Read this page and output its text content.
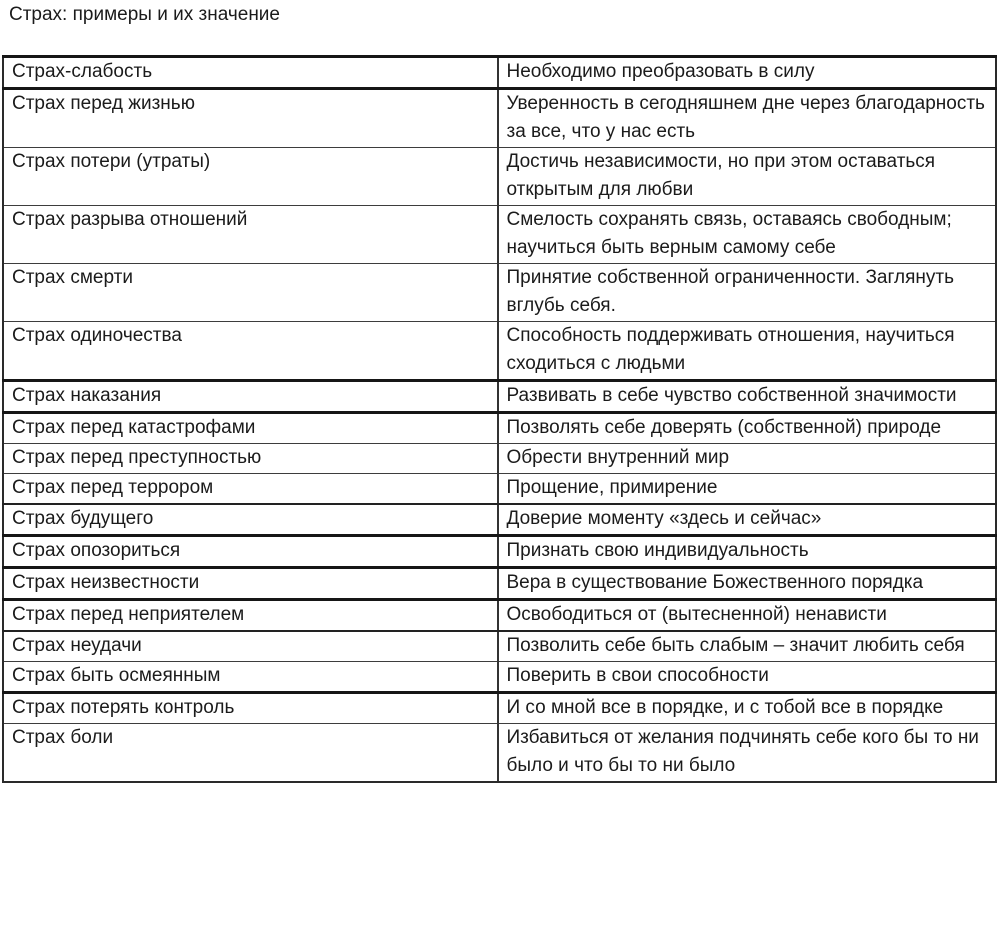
Страх: примеры и их значение
Страх-слабость	Необходимо преобразовать в силу
Страх перед жизнью	Уверенность в сегодняшнем дне через благодарность за все, что у нас есть
Страх потери (утраты)	Достичь независимости, но при этом оставаться открытым для любви
Страх разрыва отношений	Смелость сохранять связь, оставаясь свободным; научиться быть верным самому себе
Страх смерти	Принятие собственной ограниченности. Заглянуть вглубь себя.
Страх одиночества	Способность поддерживать отношения, научиться сходиться с людьми
Страх наказания	Развивать в себе чувство собственной значимости
Страх перед катастрофами	Позволять себе доверять (собственной) природе
Страх перед преступностью	Обрести внутренний мир
Страх перед террором	Прощение, примирение
Страх будущего	Доверие моменту «здесь и сейчас»
Страх опозориться	Признать свою индивидуальность
Страх неизвестности	Вера в существование Божественного порядка
Страх перед неприятелем	Освободиться от (вытесненной) ненависти
Страх неудачи	Позволить себе быть слабым – значит любить себя
Страх быть осмеянным	Поверить в свои способности
Страх потерять контроль	И со мной все в порядке, и с тобой все в порядке
Страх боли	Избавиться от желания подчинять себе кого бы то ни было и что бы то ни было
